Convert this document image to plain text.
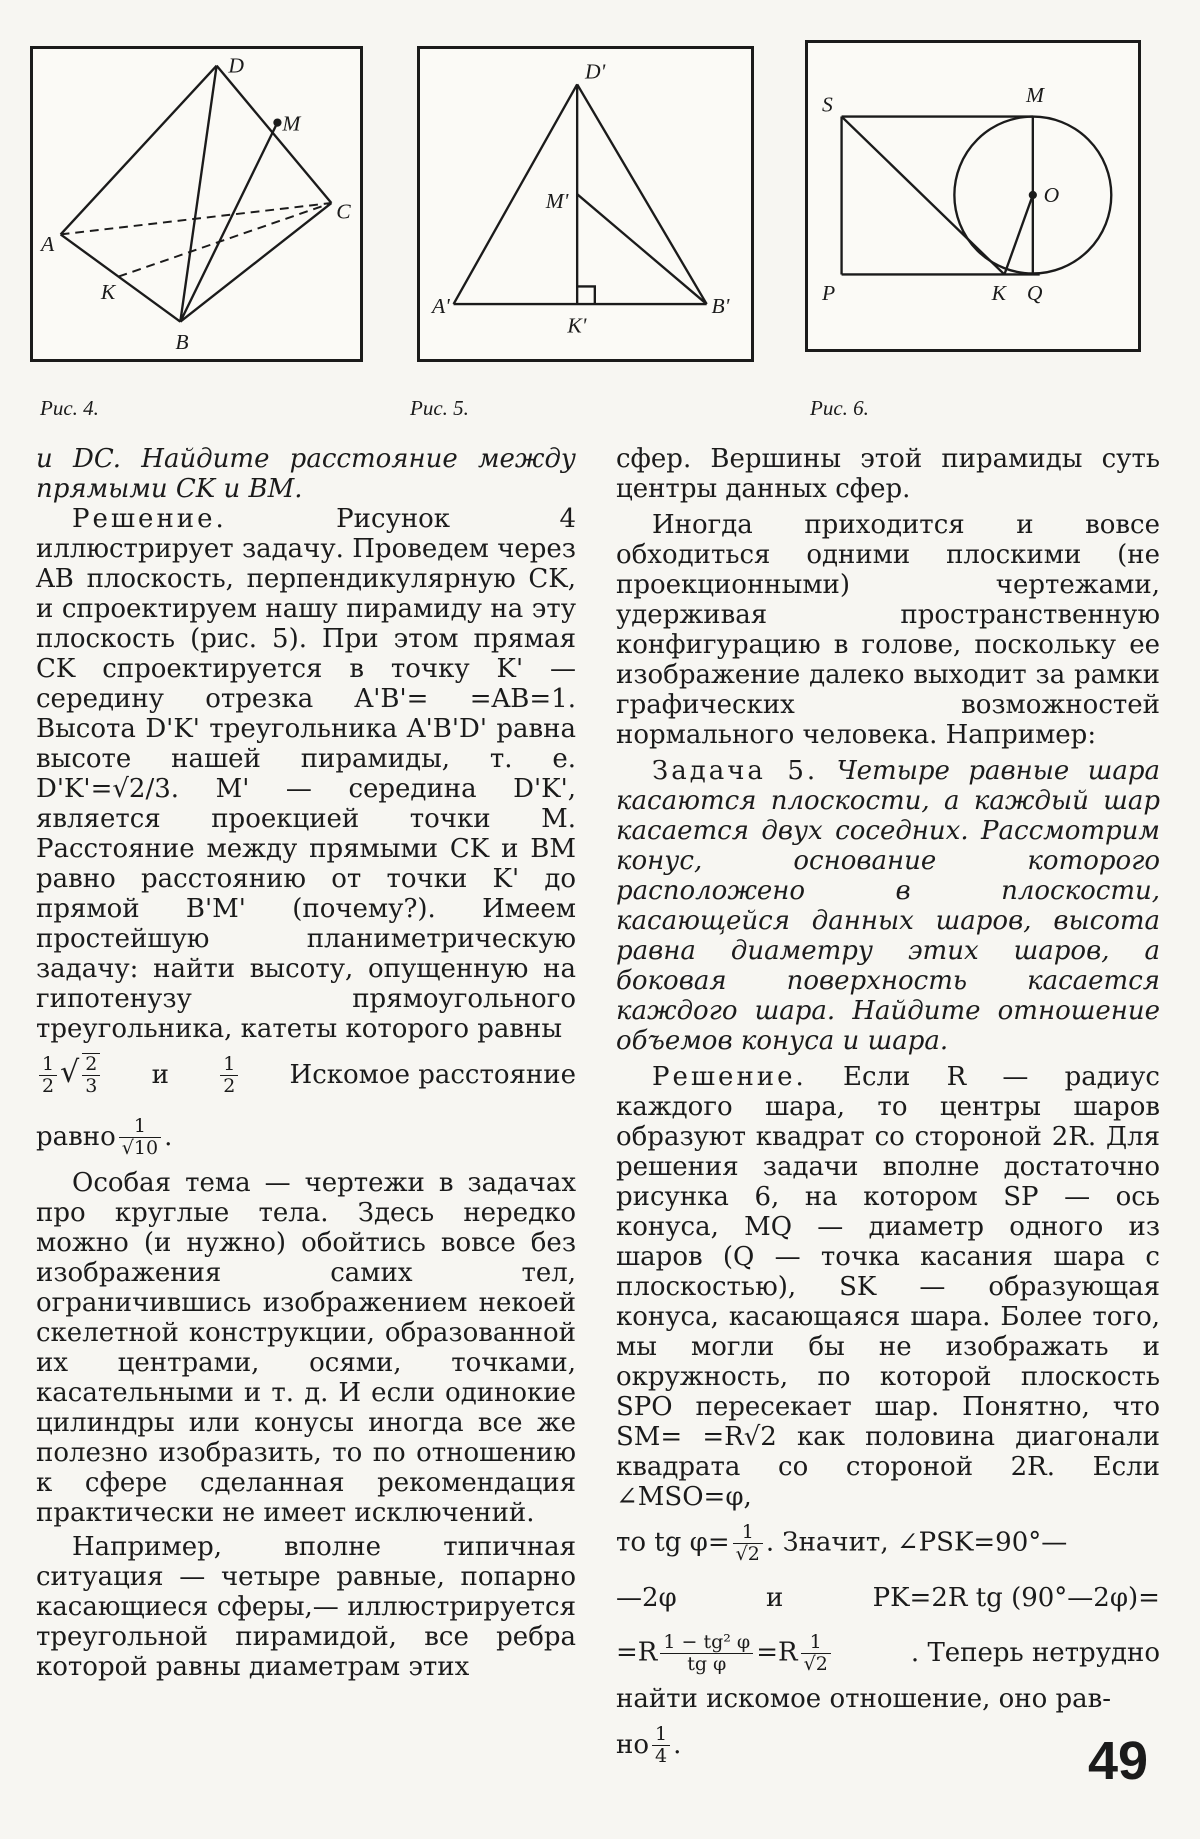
D
M
A
C
K
B
Рис. 4.
D'
M'
A'	B'
K'
Рис. 5.
S	M
O
P	K Q
Рис. 6.

и DC. Найдите расстояние между прямыми CK и BM.

Решение.	Рисунок 4 иллюстрирует задачу. Проведем через AB плоскость, перпендикулярную CK, и спроектируем нашу пирамиду на эту плоскость (рис. 5). При этом прямая CK спроектируется в точку K' — середину отрезка A'B'= =AB=1. Высота D'K' треугольника A'B'D' равна высоте нашей пирамиды, т. е. D'K'=√2/3. M' — середина D'K', является проекцией точки M. Расстояние между прямыми CK и BM равно расстоянию от точки K' до прямой B'M' (почему?). Имеем простейшую планиметрическую задачу: найти высоту, опущенную на гипотенузу прямоугольного треугольника, катеты которого равны

$\frac{1}{2}$ √ $\frac{2}{3}$ и	$\frac{1}{2}$ Искомое расстояние
равно $\frac{1}{√10}$ .

Особая тема — чертежи в задачах про круглые тела. Здесь нередко можно (и нужно) обойтись вовсе без изображения самих тел, ограничившись изображением некоей скелетной конструкции, образованной их центрами, осями, точками, касательными и т. д. И если одинокие цилиндры или конусы иногда все же полезно изобразить, то по отношению к сфере сделанная рекомендация практически не имеет исключений.

Например, вполне типичная ситуация — четыре равные, попарно касающиеся сферы,— иллюстрируется треугольной пирамидой, все ребра которой равны диаметрам этих

сфер. Вершины этой пирамиды суть центры данных сфер.

Иногда приходится и вовсе обходиться одними плоскими (не проекционными) чертежами, удерживая пространственную конфигурацию в голове, поскольку ее изображение далеко выходит за рамки графических возможностей нормального человека. Например:

Задача 5. Четыре равные шара касаются плоскости, а каждый шар касается двух соседних. Рассмотрим конус, основание которого расположено в плоскости, касающейся данных шаров, высота равна диаметру этих шаров, а боковая поверхность касается каждого шара. Найдите отношение объемов конуса и шара.

Решение. Если R — радиус каждого шара, то центры шаров образуют квадрат со стороной 2R. Для решения задачи вполне достаточно рисунка 6, на котором SP — ось конуса, MQ — диаметр одного из шаров (Q — точка касания шара с плоскостью), SK — образующая конуса, касающаяся шара. Более того, мы могли бы не изображать и окружность, по которой плоскость SPO пересекает шар. Понятно, что SM= =R√2 как половина диагонали квадрата со стороной 2R. Если ∠MSO=φ,

то tg $\varphi= \frac{1}{√2}$ . Значит, ∠PSK=90°—
—2φ	и	PK=2R tg (90°—2φ)=
$=R \frac{\text{1 − tg² φ}}{\text{tg φ}} =R \frac{1}{√2}$	. Теперь нетрудно

найти искомое отношение, оно рав-

но $\frac{1}{4}$ .	49
